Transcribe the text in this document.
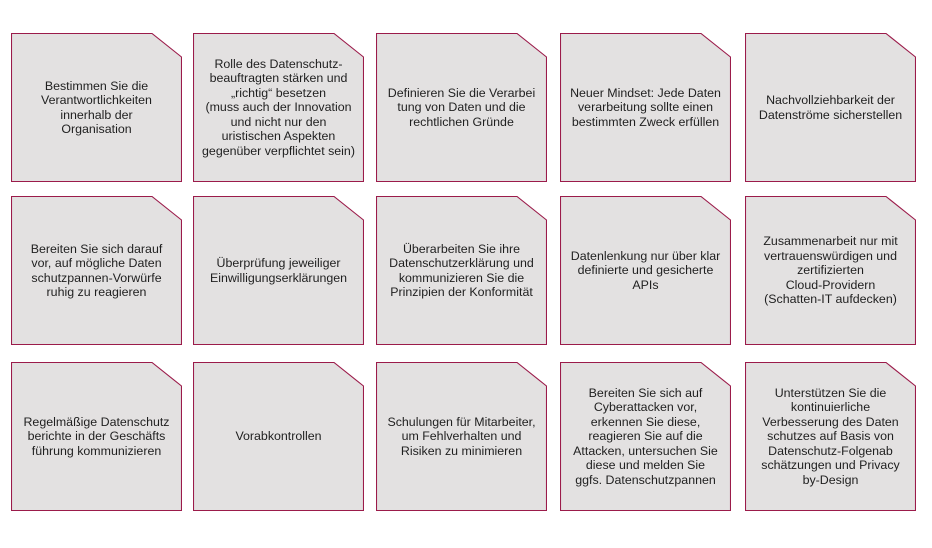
Bestimmen Sie die
Verantwortlichkeiten
innerhalb der
Organisation
Rolle des Datenschutz-
beauftragten stärken und
„richtig“ besetzen
(muss auch der Innovation
und nicht nur den
uristischen Aspekten
gegenüber verpflichtet sein)
Definieren Sie die Verarbei
tung von Daten und die
rechtlichen Gründe
Neuer Mindset: Jede Daten
verarbeitung sollte einen
bestimmten Zweck erfüllen
Nachvollziehbarkeit der
Datenströme sicherstellen
Bereiten Sie sich darauf
vor, auf mögliche Daten
schutzpannen-Vorwürfe
ruhig zu reagieren
Überprüfung jeweiliger
Einwilligungserklärungen
Überarbeiten Sie ihre
Datenschutzerklärung und
kommunizieren Sie die
Prinzipien der Konformität
Datenlenkung nur über klar
definierte und gesicherte
APIs
Zusammenarbeit nur mit
vertrauenswürdigen und
zertifizierten
Cloud-Providern
(Schatten-IT aufdecken)
Regelmäßige Datenschutz
berichte in der Geschäfts
führung kommunizieren
Vorabkontrollen
Schulungen für Mitarbeiter,
um Fehlverhalten und
Risiken zu minimieren
Bereiten Sie sich auf
Cyberattacken vor,
erkennen Sie diese,
reagieren Sie auf die
Attacken, untersuchen Sie
diese und melden Sie
ggfs. Datenschutzpannen
Unterstützen Sie die
kontinuierliche
Verbesserung des Daten
schutzes auf Basis von
Datenschutz-Folgenab
schätzungen und Privacy
by-Design
